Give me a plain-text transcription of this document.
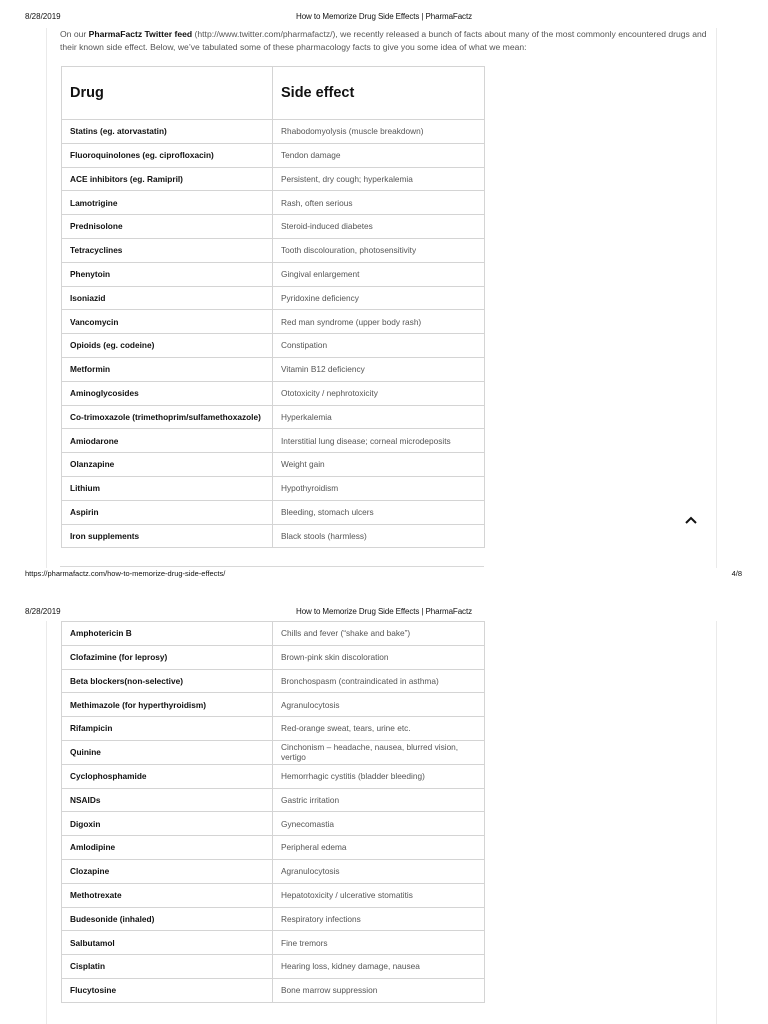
8/28/2019	How to Memorize Drug Side Effects | PharmaFactz

On our PharmaFactz Twitter feed (http://www.twitter.com/pharmafactz/), we recently released a bunch of facts about many of the most commonly encountered drugs and their known side effect. Below, we’ve tabulated some of these pharmacology facts to give you some idea of what we mean:

Drug	Side effect
Statins (eg. atorvastatin)	Rhabodomyolysis (muscle breakdown)
Fluoroquinolones (eg. ciprofloxacin)	Tendon damage
ACE inhibitors (eg. Ramipril)	Persistent, dry cough; hyperkalemia
Lamotrigine	Rash, often serious
Prednisolone	Steroid-induced diabetes
Tetracyclines	Tooth discolouration, photosensitivity
Phenytoin	Gingival enlargement
Isoniazid	Pyridoxine deficiency
Vancomycin	Red man syndrome (upper body rash)
Opioids (eg. codeine)	Constipation
Metformin	Vitamin B12 deficiency
Aminoglycosides	Ototoxicity / nephrotoxicity
Co-trimoxazole (trimethoprim/sulfamethoxazole)	Hyperkalemia
Amiodarone	Interstitial lung disease; corneal microdeposits
Olanzapine	Weight gain
Lithium	Hypothyroidism
Aspirin	Bleeding, stomach ulcers
Iron supplements	Black stools (harmless)
https://pharmafactz.com/how-to-memorize-drug-side-effects/	4/8
8/28/2019	How to Memorize Drug Side Effects | PharmaFactz
Amphotericin B	Chills and fever (“shake and bake”)
Clofazimine (for leprosy)	Brown-pink skin discoloration
Beta blockers(non-selective)	Bronchospasm (contraindicated in asthma)
Methimazole (for hyperthyroidism)	Agranulocytosis
Rifampicin	Red-orange sweat, tears, urine etc.
Quinine	Cinchonism – headache, nausea, blurred vision, vertigo
Cyclophosphamide	Hemorrhagic cystitis (bladder bleeding)
NSAIDs	Gastric irritation
Digoxin	Gynecomastia
Amlodipine	Peripheral edema
Clozapine	Agranulocytosis
Methotrexate	Hepatotoxicity / ulcerative stomatitis
Budesonide (inhaled)	Respiratory infections
Salbutamol	Fine tremors
Cisplatin	Hearing loss, kidney damage, nausea
Flucytosine	Bone marrow suppression
